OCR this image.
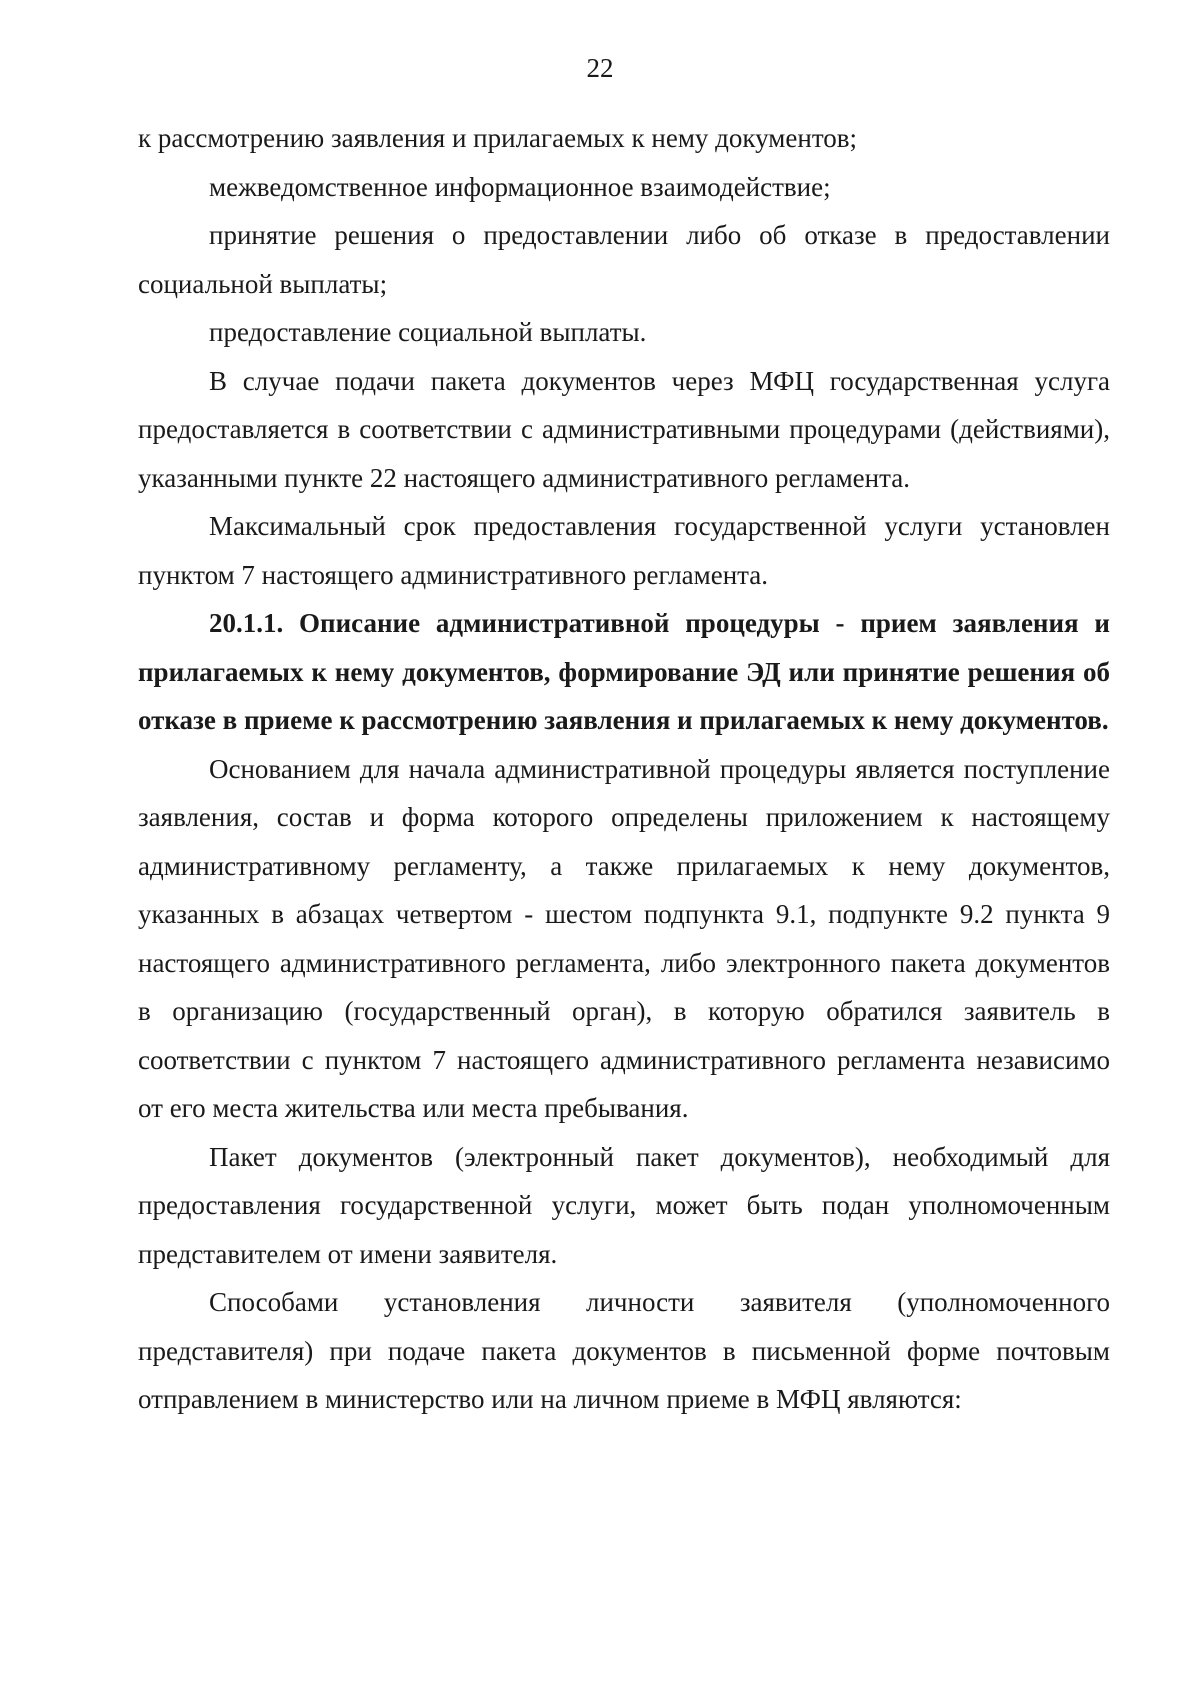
22

к рассмотрению заявления и прилагаемых к нему документов;

межведомственное информационное взаимодействие;

принятие решения о предоставлении либо об отказе в предоставлении социальной выплаты;

предоставление социальной выплаты.

В случае подачи пакета документов через МФЦ государственная услуга предоставляется в соответствии с административными процедурами (действиями), указанными пункте 22 настоящего административного регламента.

Максимальный срок предоставления государственной услуги установлен пунктом 7 настоящего административного регламента.

20.1.1. Описание административной процедуры - прием заявления и прилагаемых к нему документов, формирование ЭД или принятие решения об отказе в приеме к рассмотрению заявления и прилагаемых к нему документов.

Основанием для начала административной процедуры является поступление заявления, состав и форма которого определены приложением к настоящему административному регламенту, а также прилагаемых к нему документов, указанных в абзацах четвертом - шестом подпункта 9.1, подпункте 9.2 пункта 9 настоящего административного регламента, либо электронного пакета документов в организацию (государственный орган), в которую обратился заявитель в соответствии с пунктом 7 настоящего административного регламента независимо от его места жительства или места пребывания.

Пакет документов (электронный пакет документов), необходимый для предоставления государственной услуги, может быть подан уполномоченным представителем от имени заявителя.

Способами установления личности заявителя (уполномоченного представителя) при подаче пакета документов в письменной форме почтовым отправлением в министерство или на личном приеме в МФЦ являются:
